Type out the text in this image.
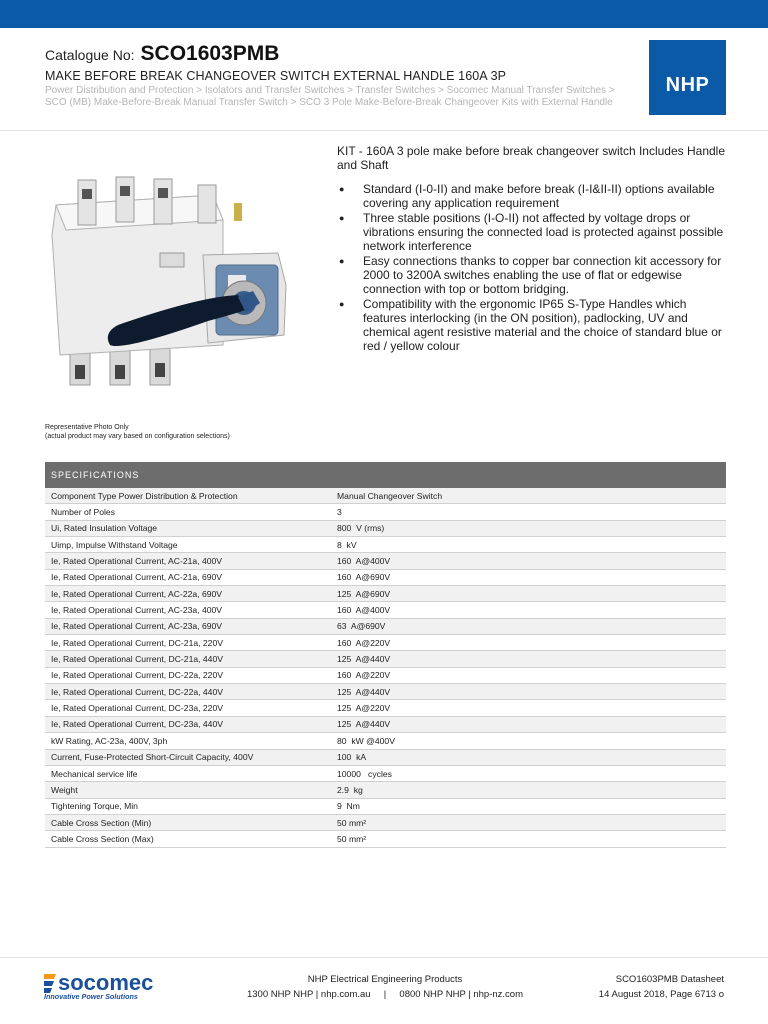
Catalogue No: SCO1603PMB
MAKE BEFORE BREAK CHANGEOVER SWITCH EXTERNAL HANDLE 160A 3P
Power Distribution and Protection > Isolators and Transfer Switches > Transfer Switches > Socomec Manual Transfer Switches > SCO (MB) Make-Before-Break Manual Transfer Switch > SCO 3 Pole Make-Before-Break Changeover Kits with External Handle
NHP
Representative Photo Only
(actual product may vary based on configuration selections)
KIT - 160A 3 pole make before break changeover switch Includes Handle and Shaft
● Standard (I-0-II) and make before break (I-I&II-II) options available covering any application requirement
● Three stable positions (I-O-II) not affected by voltage drops or vibrations ensuring the connected load is protected against possible network interference
● Easy connections thanks to copper bar connection kit accessory for 2000 to 3200A switches enabling the use of flat or edgewise connection with top or bottom bridging.
● Compatibility with the ergonomic IP65 S-Type Handles which features interlocking (in the ON position), padlocking, UV and chemical agent resistive material and the choice of standard blue or red / yellow colour
SPECIFICATIONS
Component Type Power Distribution & Protection	Manual Changeover Switch
Number of Poles	3
Ui, Rated Insulation Voltage	800  V (rms)
Uimp, Impulse Withstand Voltage	8  kV
Ie, Rated Operational Current, AC-21a, 400V	160  A@400V
Ie, Rated Operational Current, AC-21a, 690V	160  A@690V
Ie, Rated Operational Current, AC-22a, 690V	125  A@690V
Ie, Rated Operational Current, AC-23a, 400V	160  A@400V
Ie, Rated Operational Current, AC-23a, 690V	63  A@690V
Ie, Rated Operational Current, DC-21a, 220V	160  A@220V
Ie, Rated Operational Current, DC-21a, 440V	125  A@440V
Ie, Rated Operational Current, DC-22a, 220V	160  A@220V
Ie, Rated Operational Current, DC-22a, 440V	125  A@440V
Ie, Rated Operational Current, DC-23a, 220V	125  A@220V
Ie, Rated Operational Current, DC-23a, 440V	125  A@440V
kW Rating, AC-23a, 400V, 3ph	80  kW @400V
Current, Fuse-Protected Short-Circuit Capacity, 400V	100  kA
Mechanical service life	10000   cycles
Weight	2.9  kg
Tightening Torque, Min	9  Nm
Cable Cross Section (Min)	50 mm²
Cable Cross Section (Max)	50 mm²
socomec
Innovative Power Solutions
NHP Electrical Engineering Products
1300 NHP NHP | nhp.com.au     |     0800 NHP NHP | nhp-nz.com
SCO1603PMB Datasheet
14 August 2018, Page 6713 o
